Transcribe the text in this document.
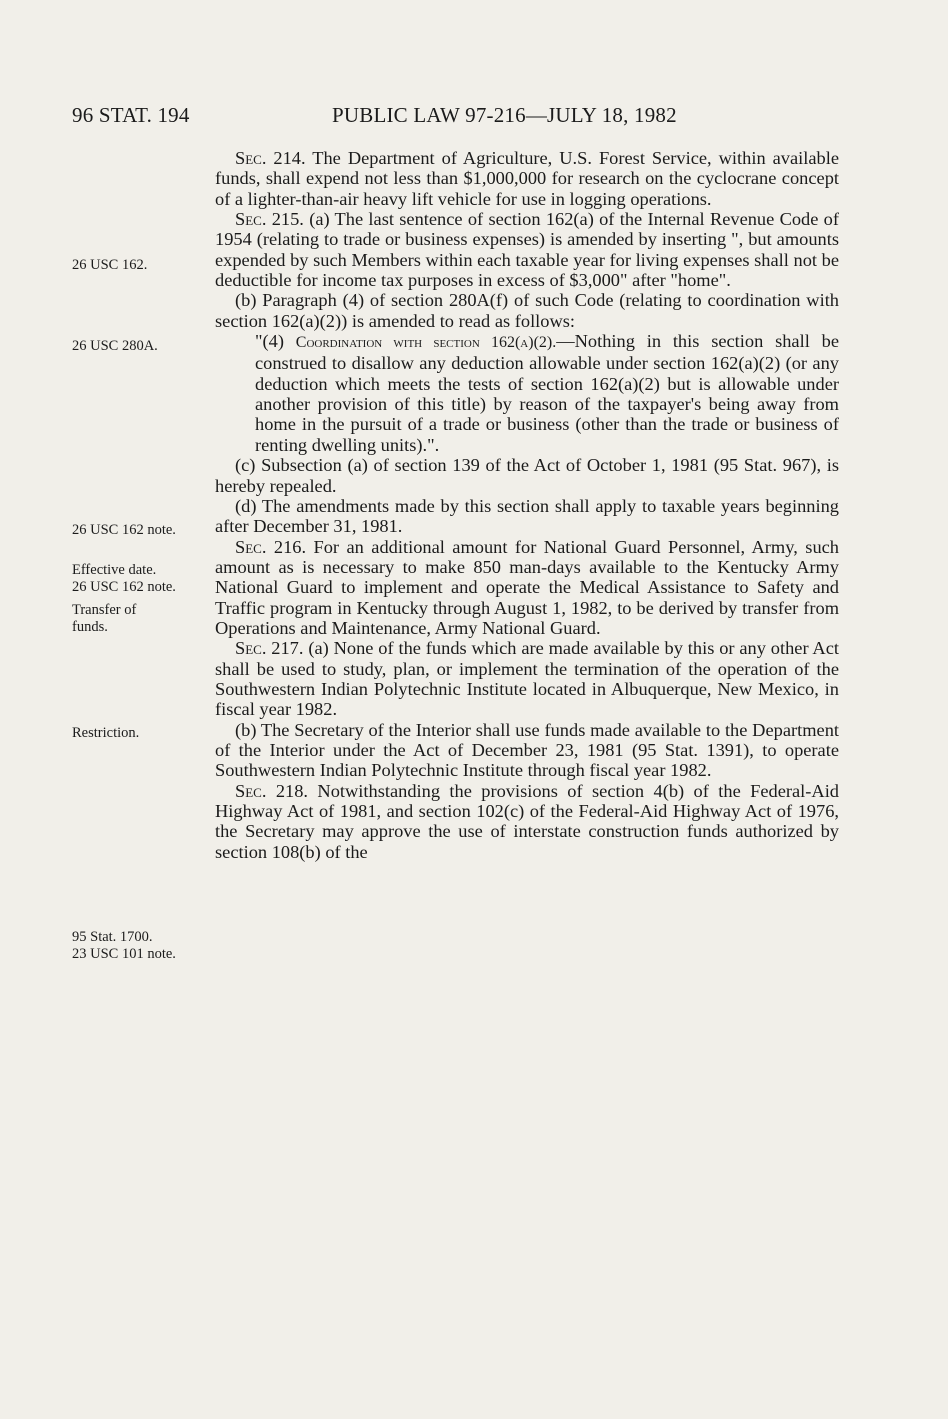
96 STAT. 194	PUBLIC LAW 97-216—JULY 18, 1982
26 USC 162.
26 USC 280A.
26 USC 162 note.
Effective date.
26 USC 162 note.
Transfer of
funds.
Restriction.
95 Stat. 1700.
23 USC 101 note.

Sec. 214. The Department of Agriculture, U.S. Forest Service, within available funds, shall expend not less than $1,000,000 for research on the cyclocrane concept of a lighter-than-air heavy lift vehicle for use in logging operations.

Sec. 215. (a) The last sentence of section 162(a) of the Internal Revenue Code of 1954 (relating to trade or business expenses) is amended by inserting ", but amounts expended by such Members within each taxable year for living expenses shall not be deductible for income tax purposes in excess of $3,000" after "home".

(b) Paragraph (4) of section 280A(f) of such Code (relating to coordination with section 162(a)(2)) is amended to read as follows:

"(4) Coordination with section 162(a)(2).—Nothing in this section shall be construed to disallow any deduction allowable under section 162(a)(2) (or any deduction which meets the tests of section 162(a)(2) but is allowable under another provision of this title) by reason of the taxpayer's being away from home in the pursuit of a trade or business (other than the trade or business of renting dwelling units).".

(c) Subsection (a) of section 139 of the Act of October 1, 1981 (95 Stat. 967), is hereby repealed.

(d) The amendments made by this section shall apply to taxable years beginning after December 31, 1981.

Sec. 216. For an additional amount for National Guard Personnel, Army, such amount as is necessary to make 850 man-days available to the Kentucky Army National Guard to implement and operate the Medical Assistance to Safety and Traffic program in Kentucky through August 1, 1982, to be derived by transfer from Operations and Maintenance, Army National Guard.

Sec. 217. (a) None of the funds which are made available by this or any other Act shall be used to study, plan, or implement the termination of the operation of the Southwestern Indian Polytechnic Institute located in Albuquerque, New Mexico, in fiscal year 1982.

(b) The Secretary of the Interior shall use funds made available to the Department of the Interior under the Act of December 23, 1981 (95 Stat. 1391), to operate Southwestern Indian Polytechnic Institute through fiscal year 1982.

Sec. 218. Notwithstanding the provisions of section 4(b) of the Federal-Aid Highway Act of 1981, and section 102(c) of the Federal-Aid Highway Act of 1976, the Secretary may approve the use of interstate construction funds authorized by section 108(b) of the
